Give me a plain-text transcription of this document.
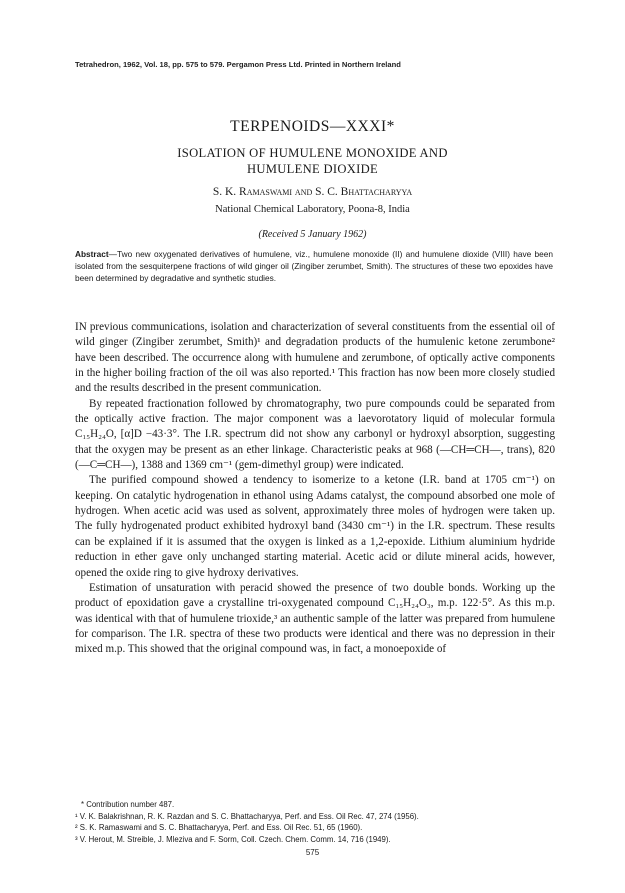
Tetrahedron, 1962, Vol. 18, pp. 575 to 579. Pergamon Press Ltd. Printed in Northern Ireland
TERPENOIDS—XXXI*
ISOLATION OF HUMULENE MONOXIDE AND
HUMULENE DIOXIDE
S. K. Ramaswami and S. C. Bhattacharyya
National Chemical Laboratory, Poona-8, India
(Received 5 January 1962)
Abstract—Two new oxygenated derivatives of humulene, viz., humulene monoxide (II) and humulene dioxide (VIII) have been isolated from the sesquiterpene fractions of wild ginger oil (Zingiber zerumbet, Smith). The structures of these two epoxides have been determined by degradative and synthetic studies.

IN previous communications, isolation and characterization of several constituents from the essential oil of wild ginger (Zingiber zerumbet, Smith)¹ and degradation products of the humulenic ketone zerumbone² have been described. The occurrence along with humulene and zerumbone, of optically active components in the higher boiling fraction of the oil was also reported.¹ This fraction has now been more closely studied and the results described in the present communication.

By repeated fractionation followed by chromatography, two pure compounds could be separated from the optically active fraction. The major component was a laevorotatory liquid of molecular formula C₁₅H₂₄O, [α]D −43·3°. The I.R. spectrum did not show any carbonyl or hydroxyl absorption, suggesting that the oxygen may be present as an ether linkage. Characteristic peaks at 968 (—CH═CH—, trans), 820 (—C═CH—), 1388 and 1369 cm⁻¹ (gem-dimethyl group) were indicated.

The purified compound showed a tendency to isomerize to a ketone (I.R. band at 1705 cm⁻¹) on keeping. On catalytic hydrogenation in ethanol using Adams catalyst, the compound absorbed one mole of hydrogen. When acetic acid was used as solvent, approximately three moles of hydrogen were taken up. The fully hydrogenated product exhibited hydroxyl band (3430 cm⁻¹) in the I.R. spectrum. These results can be explained if it is assumed that the oxygen is linked as a 1,2-epoxide. Lithium aluminium hydride reduction in ether gave only unchanged starting material. Acetic acid or dilute mineral acids, however, opened the oxide ring to give hydroxy derivatives.

Estimation of unsaturation with peracid showed the presence of two double bonds. Working up the product of epoxidation gave a crystalline tri-oxygenated compound C₁₅H₂₄O₃, m.p. 122·5°. As this m.p. was identical with that of humulene trioxide,³ an authentic sample of the latter was prepared from humulene for comparison. The I.R. spectra of these two products were identical and there was no depression in their mixed m.p. This showed that the original compound was, in fact, a monoepoxide of

* Contribution number 487.
¹ V. K. Balakrishnan, R. K. Razdan and S. C. Bhattacharyya, Perf. and Ess. Oil Rec. 47, 274 (1956).
² S. K. Ramaswami and S. C. Bhattacharyya, Perf. and Ess. Oil Rec. 51, 65 (1960).
³ V. Herout, M. Streible, J. Mleziva and F. Sorm, Coll. Czech. Chem. Comm. 14, 716 (1949).
575
